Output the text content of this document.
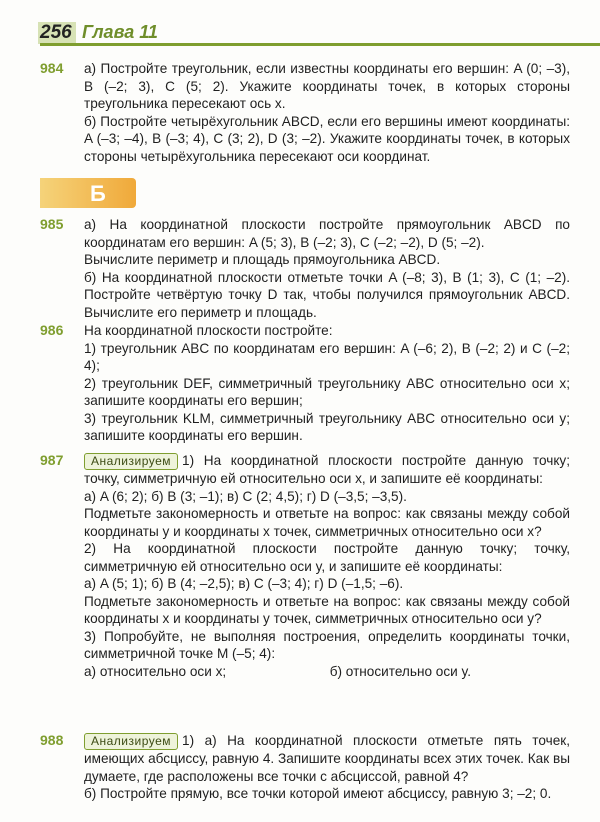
256 Глава 11
984 а) Постройте треугольник, если известны координаты его вершин: A (0; –3), B (–2; 3), C (5; 2). Укажите координаты точек, в которых стороны треугольника пересекают ось x.

б) Постройте четырёхугольник ABCD, если его вершины имеют координаты: A (–3; –4), B (–3; 4), C (3; 2), D (3; –2). Укажите координаты точек, в которых стороны четырёхугольника пересекают оси координат.

Б
985 а) На координатной плоскости постройте прямоугольник ABCD по координатам его вершин: A (5; 3), B (–2; 3), C (–2; –2), D (5; –2).

Вычислите периметр и площадь прямоугольника ABCD.

б) На координатной плоскости отметьте точки A (–8; 3), B (1; 3), C (1; –2). Постройте четвёртую точку D так, чтобы получился прямоугольник ABCD. Вычислите его периметр и площадь.

986 На координатной плоскости постройте:

1) треугольник ABC по координатам его вершин: A (–6; 2), B (–2; 2) и C (–2; 4);

2) треугольник DEF, симметричный треугольнику ABC относительно оси x; запишите координаты его вершин;

3) треугольник KLM, симметричный треугольнику ABC относительно оси y; запишите координаты его вершин.

987	Анализируем 1) На координатной плоскости постройте данную точку; точку, симметричную ей относительно оси x, и запишите её координаты:

а) A (6; 2); б) B (3; –1); в) C (2; 4,5); г) D (–3,5; –3,5).

Подметьте закономерность и ответьте на вопрос: как связаны между собой координаты y и координаты x точек, симметричных относительно оси x?

2) На координатной плоскости постройте данную точку; точку, симметричную ей относительно оси y, и запишите её координаты:

а) A (5; 1); б) B (4; –2,5); в) C (–3; 4); г) D (–1,5; –6).

Подметьте закономерность и ответьте на вопрос: как связаны между собой координаты x и координаты y точек, симметричных относительно оси y?

3) Попробуйте, не выполняя построения, определить координаты точки, симметричной точке M (–5; 4):

а) относительно оси x;	б) относительно оси y.

988	Анализируем 1) а) На координатной плоскости отметьте пять точек, имеющих абсциссу, равную 4. Запишите координаты всех этих точек. Как вы думаете, где расположены все точки с абсциссой, равной 4?

б) Постройте прямую, все точки которой имеют абсциссу, равную 3; –2; 0.
